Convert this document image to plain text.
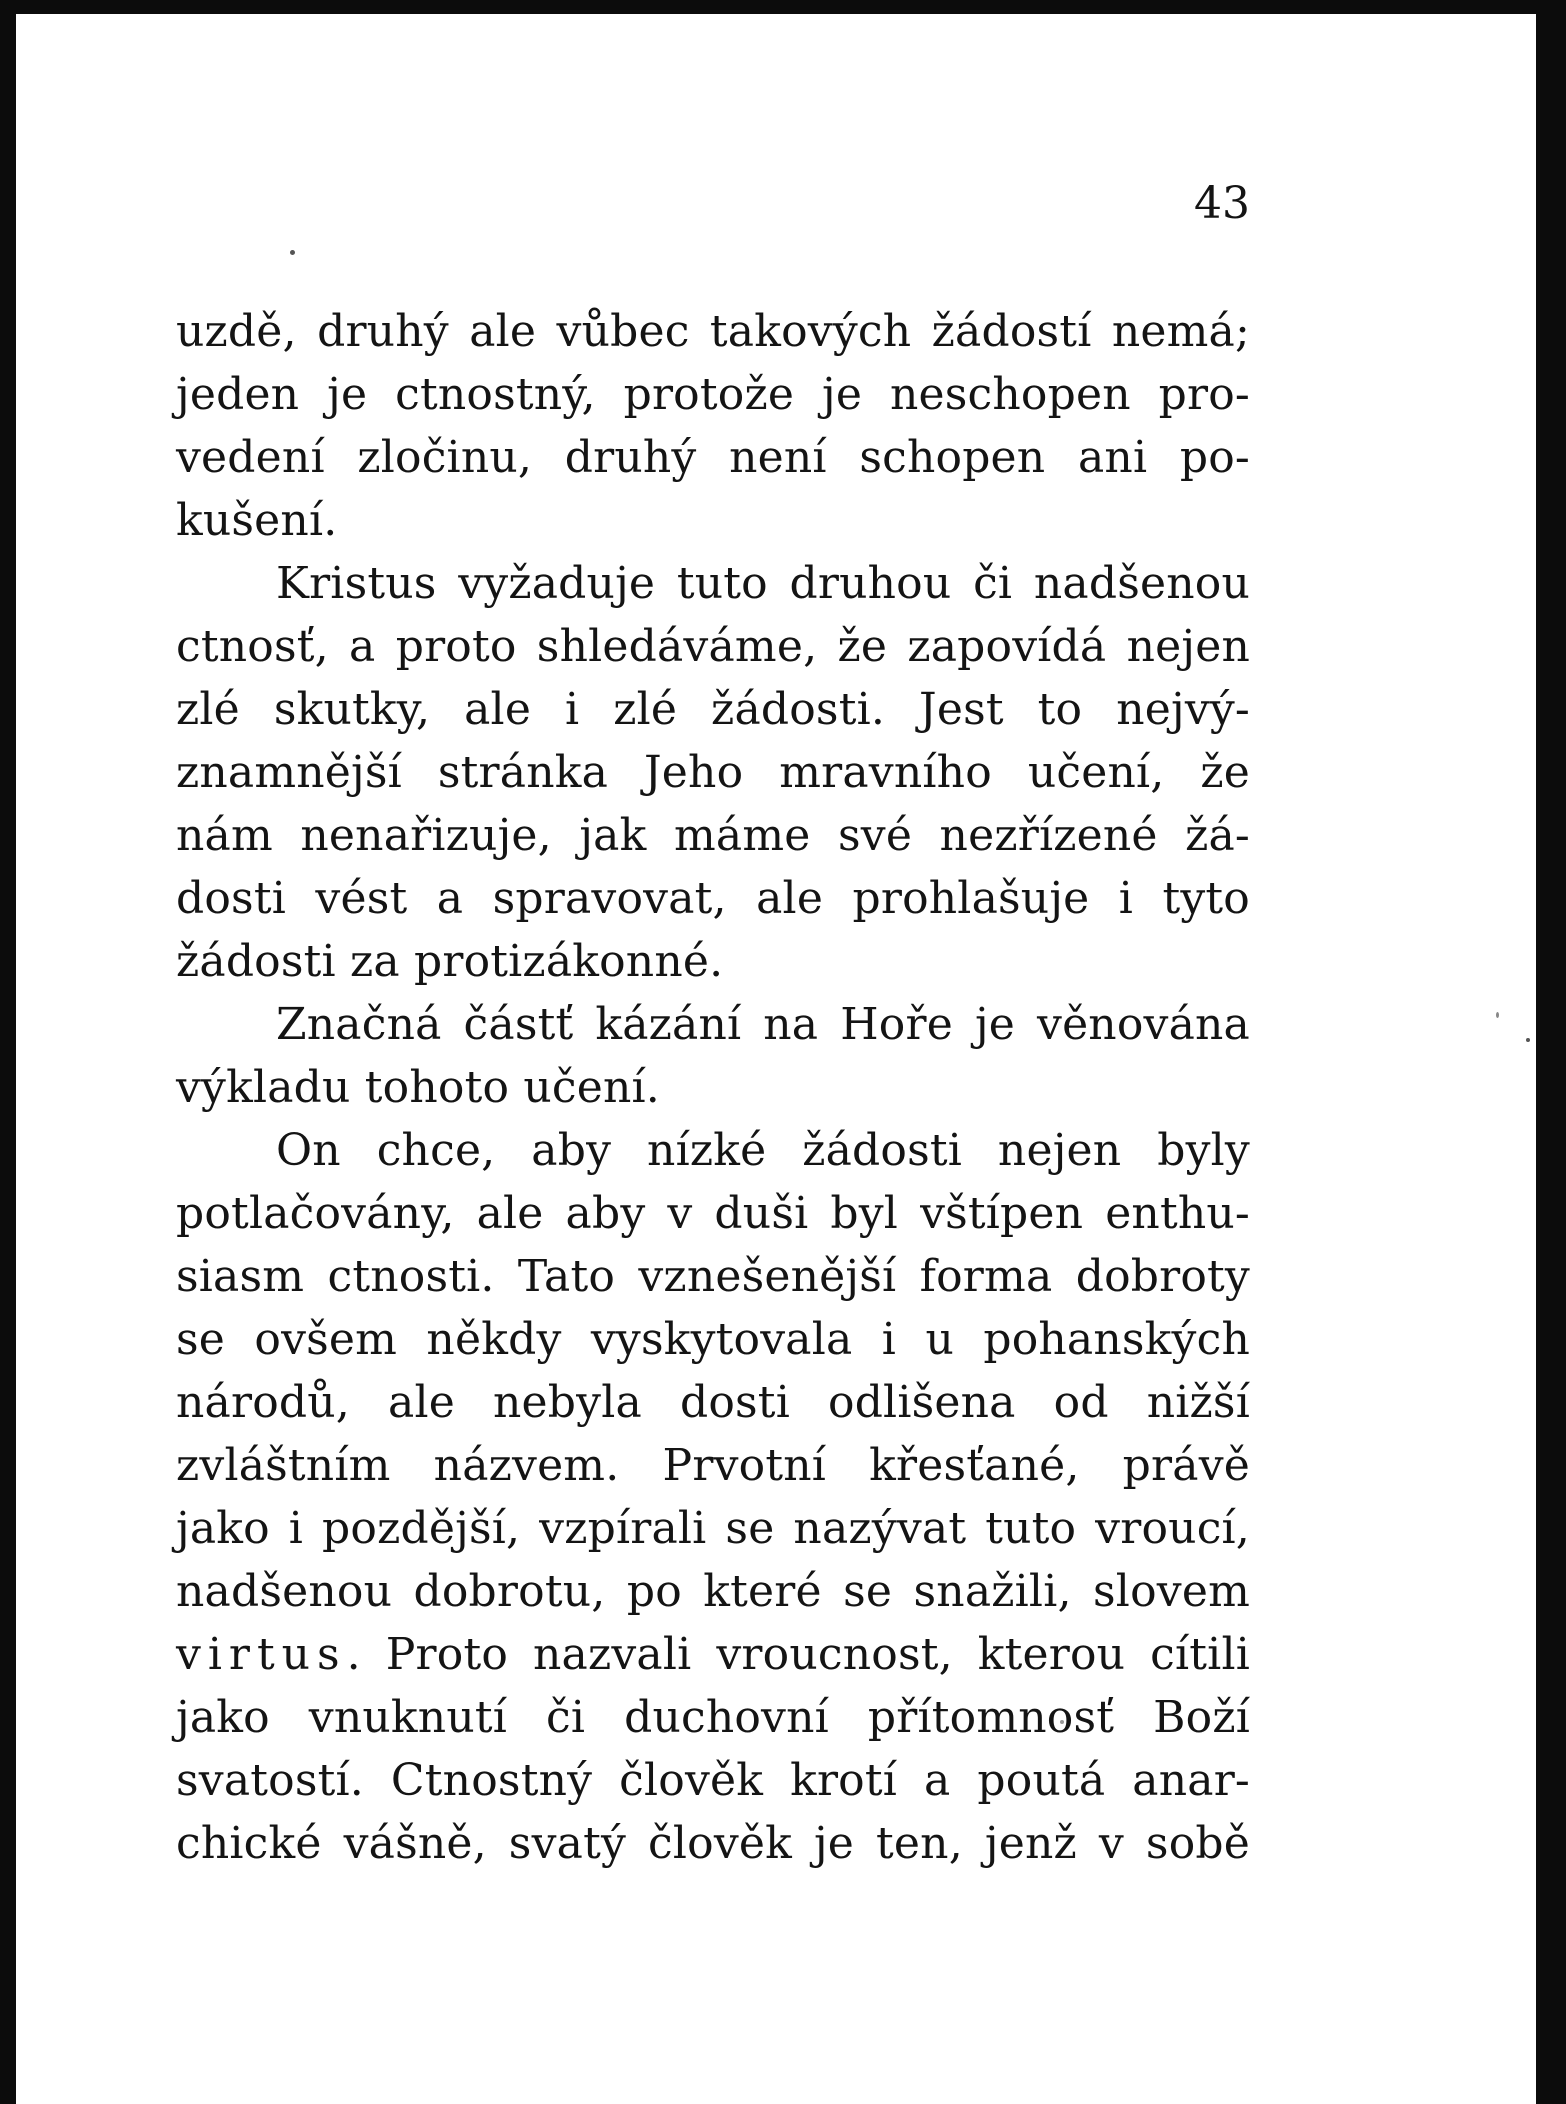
43
uzdě, druhý ale vůbec takových žádostí nemá;
jeden je ctnostný, protože je neschopen pro-
vedení zločinu, druhý není schopen ani po-
kušení.
Kristus vyžaduje tuto druhou či nadšenou
ctnosť, a proto shledáváme, že zapovídá nejen
zlé skutky, ale i zlé žádosti. Jest to nejvý-
znamnější stránka Jeho mravního učení, že
nám nenařizuje, jak máme své nezřízené žá-
dosti vést a spravovat, ale prohlašuje i tyto
žádosti za protizákonné.
Značná částť kázání na Hoře je věnována
výkladu tohoto učení.
On chce, aby nízké žádosti nejen byly
potlačovány, ale aby v duši byl vštípen enthu-
siasm ctnosti. Tato vznešenější forma dobroty
se ovšem někdy vyskytovala i u pohanských
národů, ale nebyla dosti odlišena od nižší
zvláštním názvem. Prvotní křesťané, právě
jako i pozdější, vzpírali se nazývat tuto vroucí,
nadšenou dobrotu, po které se snažili, slovem
virtus. Proto nazvali vroucnost, kterou cítili
jako vnuknutí či duchovní přítomnosť Boží
svatostí. Ctnostný člověk krotí a poutá anar-
chické vášně, svatý člověk je ten, jenž v sobě
